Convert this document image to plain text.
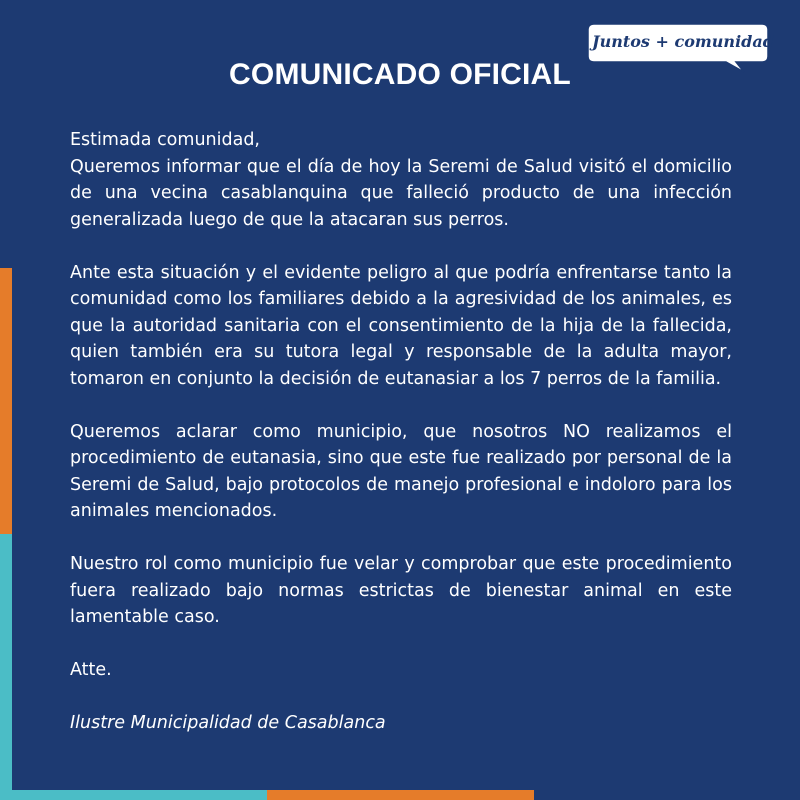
Juntos + comunidad
COMUNICADO OFICIAL

Estimada comunidad,

Queremos informar que el día de hoy la Seremi de Salud visitó el domicilio de una vecina casablanquina que falleció producto de una infección generalizada luego de que la atacaran sus perros.

Ante esta situación y el evidente peligro al que podría enfrentarse tanto la comunidad como los familiares debido a la agresividad de los animales, es que la autoridad sanitaria con el consentimiento de la hija de la fallecida, quien también era su tutora legal y responsable de la adulta mayor, tomaron en conjunto la decisión de eutanasiar a los 7 perros de la familia.

Queremos aclarar como municipio, que nosotros NO realizamos el procedimiento de eutanasia, sino que este fue realizado por personal de la Seremi de Salud, bajo protocolos de manejo profesional e indoloro para los animales mencionados.

Nuestro rol como municipio fue velar y comprobar que este procedimiento fuera realizado bajo normas estrictas de bienestar animal en este lamentable caso.

Atte.

Ilustre Municipalidad de Casablanca
